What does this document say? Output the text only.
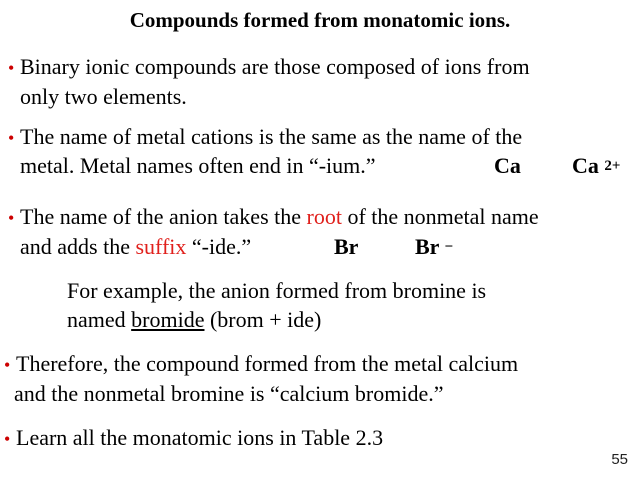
Compounds formed from monatomic ions.
• Binary ionic compounds are those composed of ions from
only two elements.
• The name of metal cations is the same as the name of the
metal. Metal names often end in “-ium.”	Ca Ca $^{2+}$
• The name of the anion takes the root of the nonmetal name
and adds the suffix “-ide.”	Br	Br −
For example, the anion formed from bromine is
named bromide (brom + ide)
• Therefore, the compound formed from the metal calcium
and the nonmetal bromine is “calcium bromide.”
• Learn all the monatomic ions in Table 2.3
55
